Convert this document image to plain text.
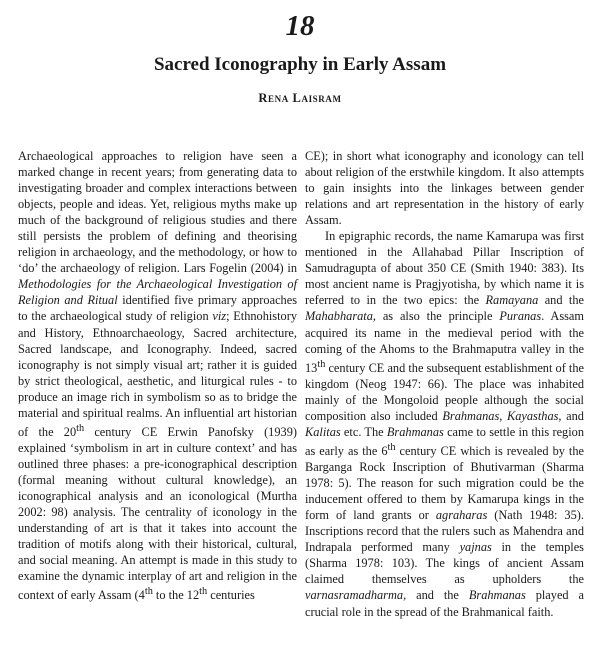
18
Sacred Iconography in Early Assam
Rena Laisram

Archaeological approaches to religion have seen a marked change in recent years; from generating data to investigating broader and complex interactions between objects, people and ideas. Yet, religious myths make up much of the background of religious studies and there still persists the problem of defining and theorising religion in archaeology, and the methodology, or how to ‘do’ the archaeology of religion. Lars Fogelin (2004) in Methodologies for the Archaeological Investigation of Religion and Ritual identified five primary approaches to the archaeological study of religion viz; Ethnohistory and History, Ethnoarchaeology, Sacred architecture, Sacred landscape, and Iconography. Indeed, sacred iconography is not simply visual art; rather it is guided by strict theological, aesthetic, and liturgical rules - to produce an image rich in symbolism so as to bridge the material and spiritual realms. An influential art historian of the 20th century CE Erwin Panofsky (1939) explained ‘symbolism in art in culture context’ and has outlined three phases: a pre-iconographical description (formal meaning without cultural knowledge), an iconographical analysis and an iconological (Murtha 2002: 98) analysis. The centrality of iconology in the understanding of art is that it takes into account the tradition of motifs along with their historical, cultural, and social meaning. An attempt is made in this study to examine the dynamic interplay of art and religion in the context of early Assam (4th to the 12th centuries

CE); in short what iconography and iconology can tell about religion of the erstwhile kingdom. It also attempts to gain insights into the linkages between gender relations and art representation in the history of early Assam.

In epigraphic records, the name Kamarupa was first mentioned in the Allahabad Pillar Inscription of Samudragupta of about 350 CE (Smith 1940: 383). Its most ancient name is Pragjyotisha, by which name it is referred to in the two epics: the Ramayana and the Mahabharata, as also the principle Puranas. Assam acquired its name in the medieval period with the coming of the Ahoms to the Brahmaputra valley in the 13th century CE and the subsequent establishment of the kingdom (Neog 1947: 66). The place was inhabited mainly of the Mongoloid people although the social composition also included Brahmanas, Kayasthas, and Kalitas etc. The Brahmanas came to settle in this region as early as the 6th century CE which is revealed by the Barganga Rock Inscription of Bhutivarman (Sharma 1978: 5). The reason for such migration could be the inducement offered to them by Kamarupa kings in the form of land grants or agraharas (Nath 1948: 35). Inscriptions record that the rulers such as Mahendra and Indrapala performed many yajnas in the temples (Sharma 1978: 103). The kings of ancient Assam claimed themselves as upholders the varnasramadharma, and the Brahmanas played a crucial role in the spread of the Brahmanical faith.
